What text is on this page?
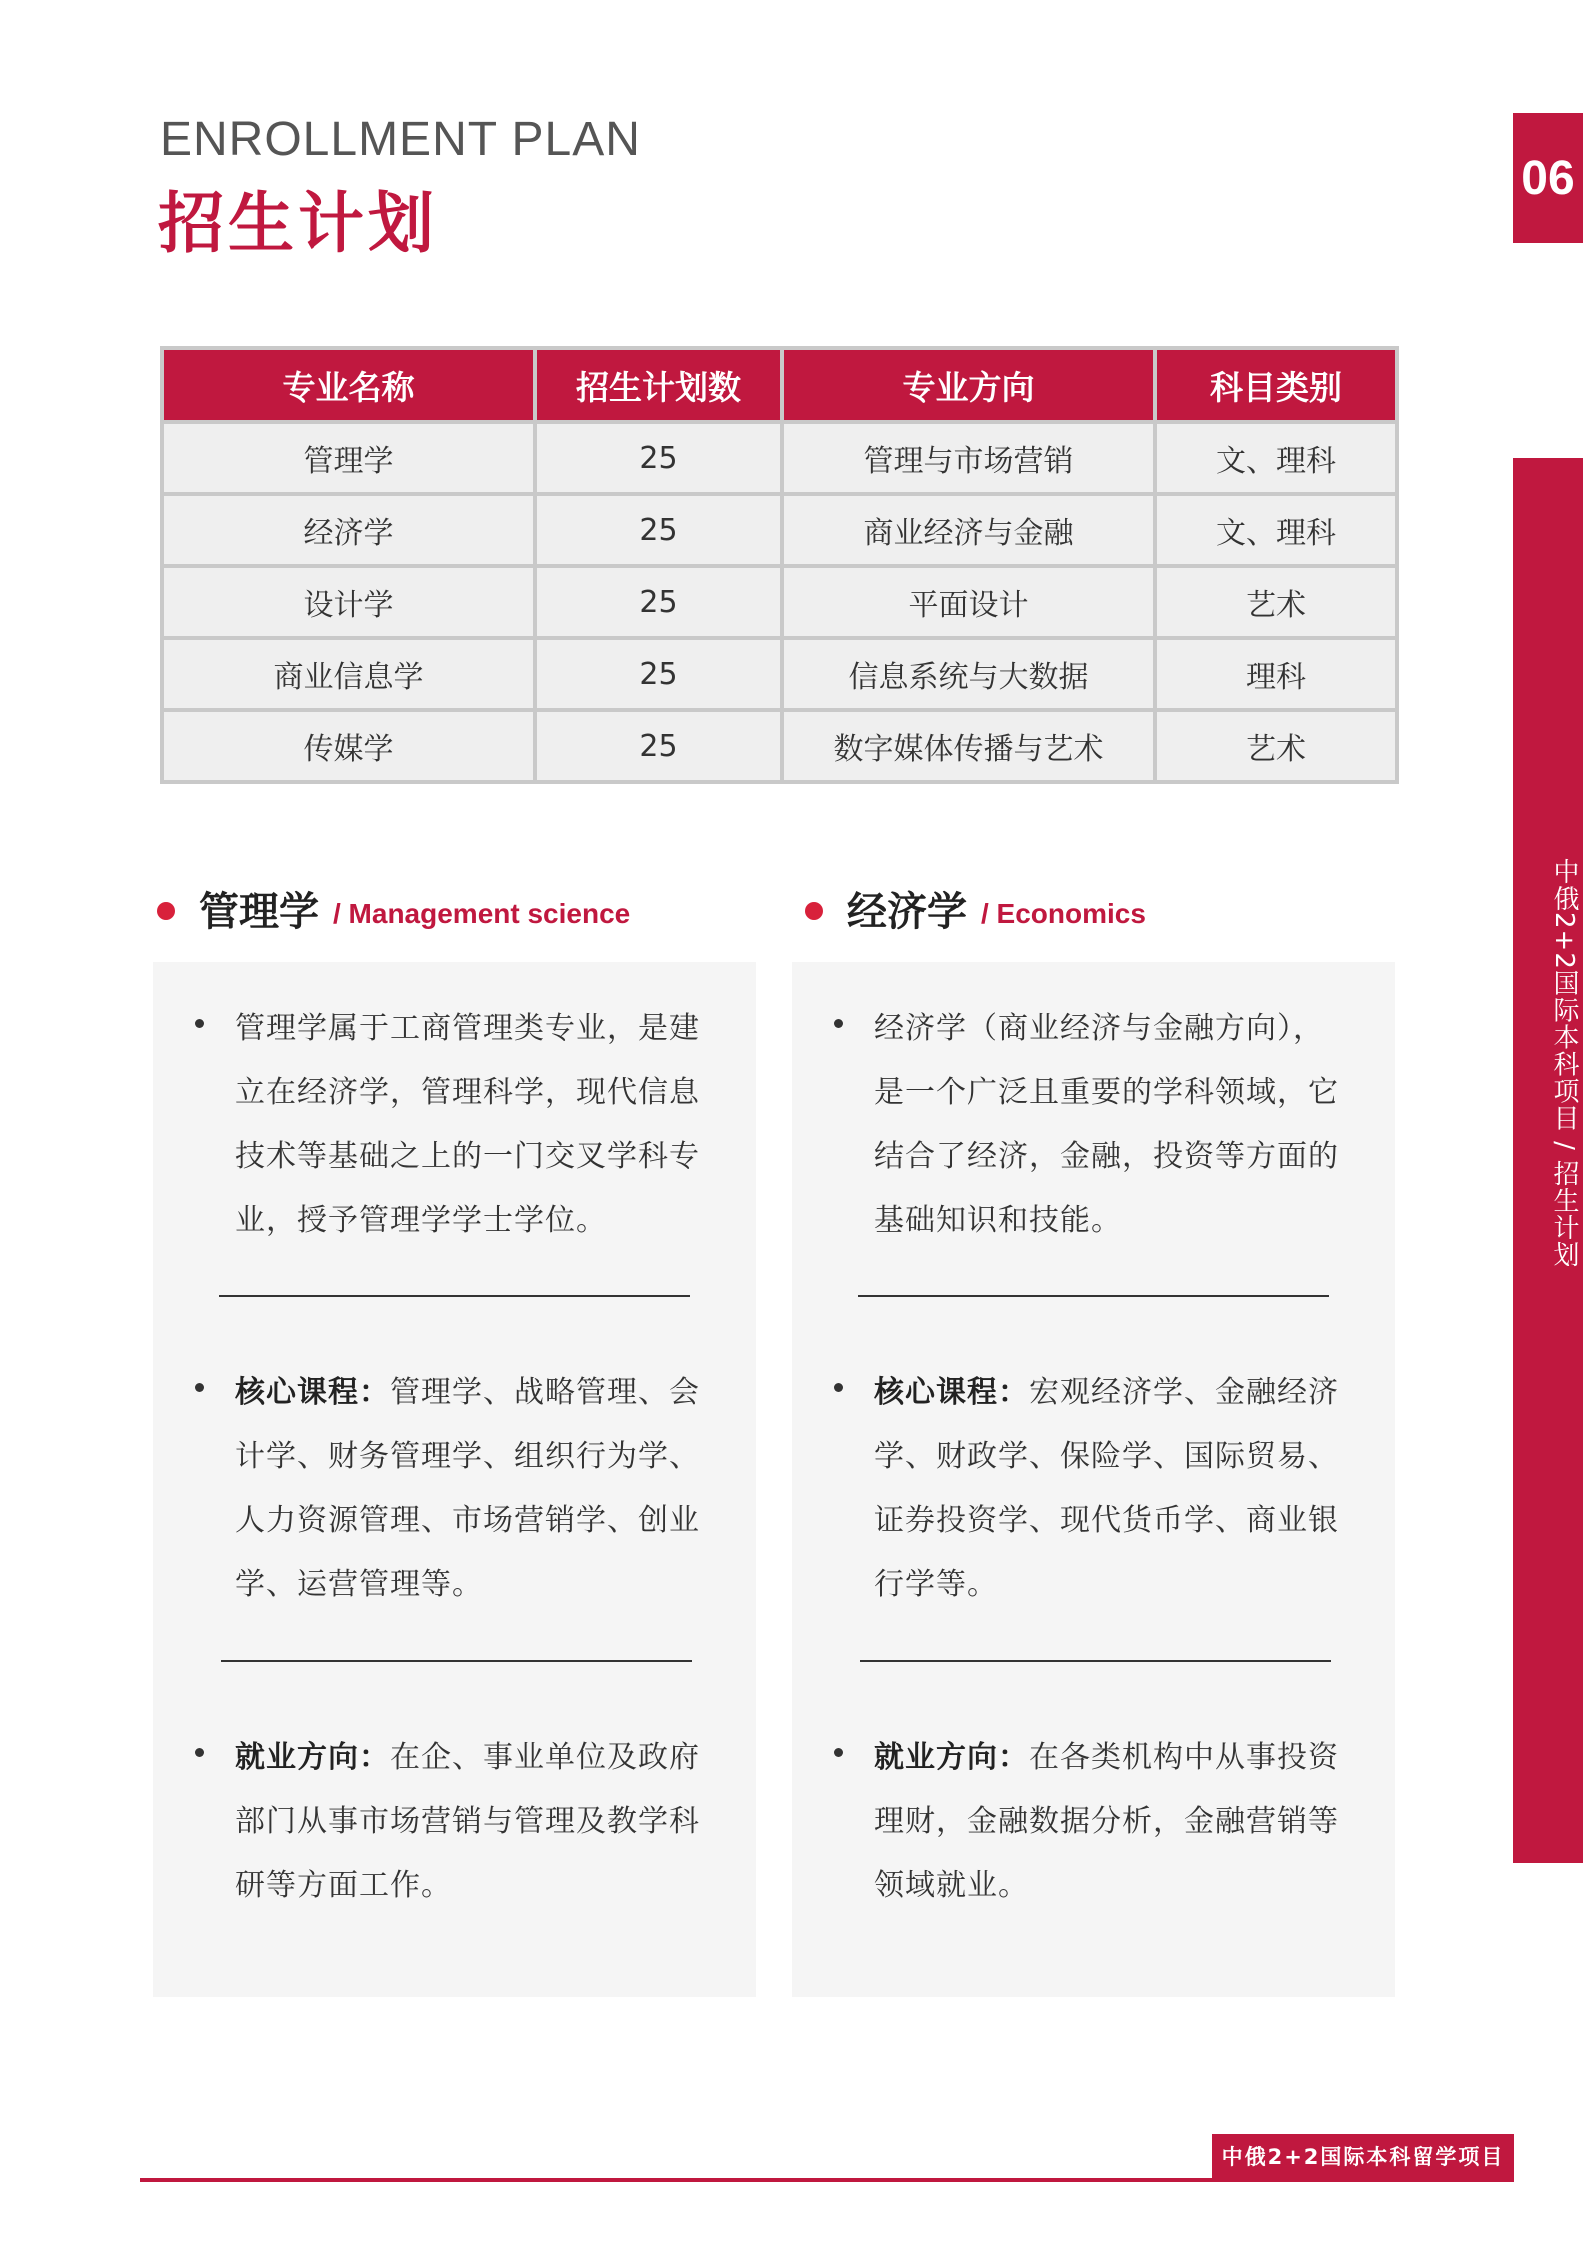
ENROLLMENT PLAN
招生计划
06
中俄2+2国际本科项目 / 招生计划
专业名称	招生计划数	专业方向	科目类别
管理学	25	管理与市场营销	文、理科
经济学	25	商业经济与金融	文、理科
设计学	25	平面设计	艺术
商业信息学	25	信息系统与大数据	理科
传媒学	25	数字媒体传播与艺术	艺术
管理学 / Management science
管理学属于工商管理类专业，是建立在经济学，管理科学，现代信息技术等基础之上的一门交叉学科专业，授予管理学学士学位。
核心课程：管理学、战略管理、会计学、财务管理学、组织行为学、人力资源管理、市场营销学、创业学、运营管理等。
就业方向：在企、事业单位及政府部门从事市场营销与管理及教学科研等方面工作。
经济学 / Economics
经济学（商业经济与金融方向），是一个广泛且重要的学科领域，它结合了经济，金融，投资等方面的基础知识和技能。
核心课程：宏观经济学、金融经济学、财政学、保险学、国际贸易、证券投资学、现代货币学、商业银行学等。
就业方向：在各类机构中从事投资理财，金融数据分析，金融营销等领域就业。
中俄2+2国际本科留学项目
